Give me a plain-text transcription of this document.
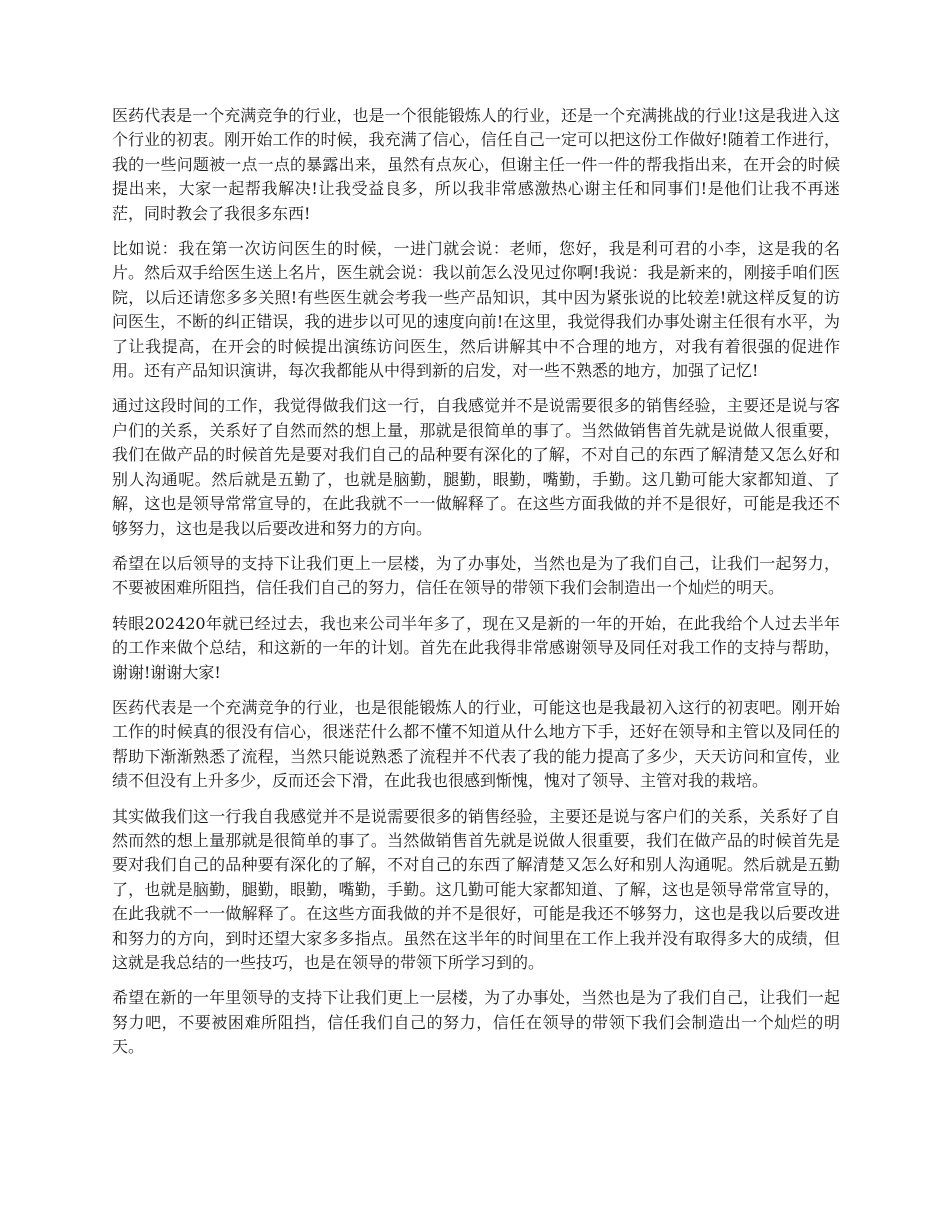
医药代表是一个充满竞争的行业，也是一个很能锻炼人的行业，还是一个充满挑战的行业!这是我进入这个行业的初衷。刚开始工作的时候，我充满了信心，信任自己一定可以把这份工作做好!随着工作进行，我的一些问题被一点一点的暴露出来，虽然有点灰心，但谢主任一件一件的帮我指出来，在开会的时候提出来，大家一起帮我解决!让我受益良多，所以我非常感激热心谢主任和同事们!是他们让我不再迷茫，同时教会了我很多东西!

比如说：我在第一次访问医生的时候，一进门就会说：老师，您好，我是利可君的小李，这是我的名片。然后双手给医生送上名片，医生就会说：我以前怎么没见过你啊!我说：我是新来的，刚接手咱们医院，以后还请您多多关照!有些医生就会考我一些产品知识，其中因为紧张说的比较差!就这样反复的访问医生，不断的纠正错误，我的进步以可见的速度向前!在这里，我觉得我们办事处谢主任很有水平，为了让我提高，在开会的时候提出演练访问医生，然后讲解其中不合理的地方，对我有着很强的促进作用。还有产品知识演讲，每次我都能从中得到新的启发，对一些不熟悉的地方，加强了记忆!

通过这段时间的工作，我觉得做我们这一行，自我感觉并不是说需要很多的销售经验，主要还是说与客户们的关系，关系好了自然而然的想上量，那就是很简单的事了。当然做销售首先就是说做人很重要，我们在做产品的时候首先是要对我们自己的品种要有深化的了解，不对自己的东西了解清楚又怎么好和别人沟通呢。然后就是五勤了，也就是脑勤，腿勤，眼勤，嘴勤，手勤。这几勤可能大家都知道、了解，这也是领导常常宣导的，在此我就不一一做解释了。在这些方面我做的并不是很好，可能是我还不够努力，这也是我以后要改进和努力的方向。

希望在以后领导的支持下让我们更上一层楼，为了办事处，当然也是为了我们自己，让我们一起努力，不要被困难所阻挡，信任我们自己的努力，信任在领导的带领下我们会制造出一个灿烂的明天。

转眼202420年就已经过去，我也来公司半年多了，现在又是新的一年的开始，在此我给个人过去半年的工作来做个总结，和这新的一年的计划。首先在此我得非常感谢领导及同任对我工作的支持与帮助，谢谢!谢谢大家!

医药代表是一个充满竞争的行业，也是很能锻炼人的行业，可能这也是我最初入这行的初衷吧。刚开始工作的时候真的很没有信心，很迷茫什么都不懂不知道从什么地方下手，还好在领导和主管以及同任的帮助下渐渐熟悉了流程，当然只能说熟悉了流程并不代表了我的能力提高了多少，天天访问和宣传，业绩不但没有上升多少，反而还会下滑，在此我也很感到惭愧，愧对了领导、主管对我的栽培。

其实做我们这一行我自我感觉并不是说需要很多的销售经验，主要还是说与客户们的关系，关系好了自然而然的想上量那就是很简单的事了。当然做销售首先就是说做人很重要，我们在做产品的时候首先是要对我们自己的品种要有深化的了解，不对自己的东西了解清楚又怎么好和别人沟通呢。然后就是五勤了，也就是脑勤，腿勤，眼勤，嘴勤，手勤。这几勤可能大家都知道、了解，这也是领导常常宣导的，在此我就不一一做解释了。在这些方面我做的并不是很好，可能是我还不够努力，这也是我以后要改进和努力的方向，到时还望大家多多指点。虽然在这半年的时间里在工作上我并没有取得多大的成绩，但这就是我总结的一些技巧，也是在领导的带领下所学习到的。

希望在新的一年里领导的支持下让我们更上一层楼，为了办事处，当然也是为了我们自己，让我们一起努力吧，不要被困难所阻挡，信任我们自己的努力，信任在领导的带领下我们会制造出一个灿烂的明天。
